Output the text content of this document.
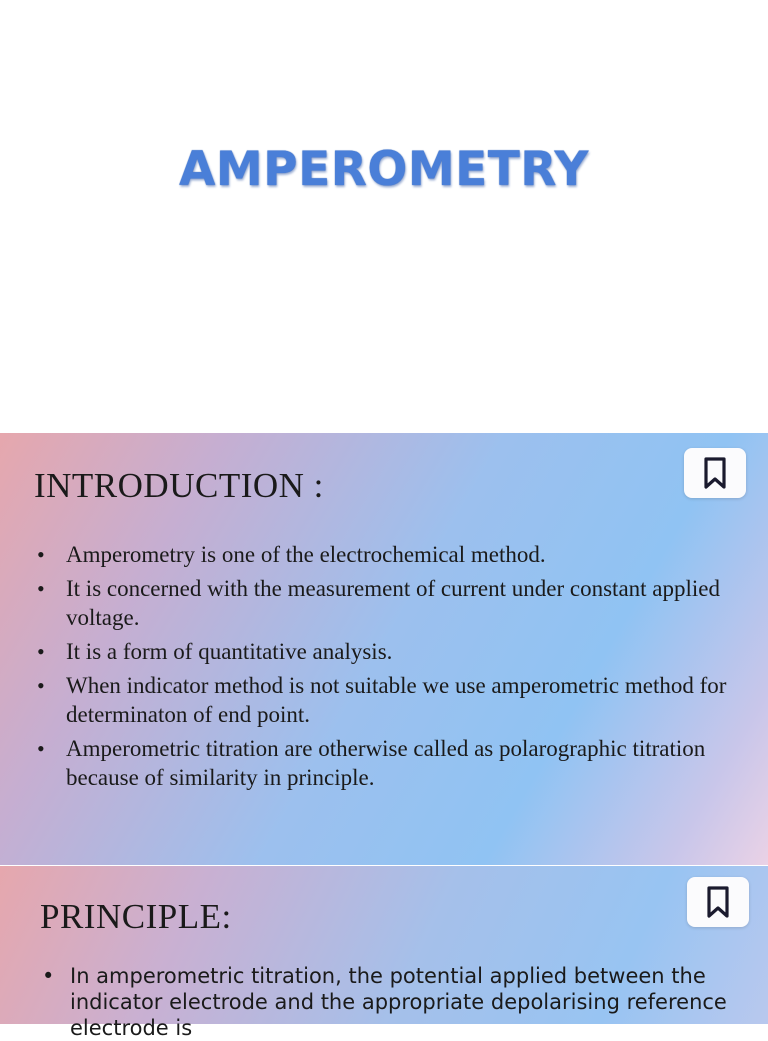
AMPEROMETRY
INTRODUCTION :
• Amperometry is one of the electrochemical method.
• It is concerned with the measurement of current under constant applied voltage.
• It is a form of quantitative analysis.
• When indicator method is not suitable we use amperometric method for determinaton of end point.
• Amperometric titration are otherwise called as polarographic titration because of similarity in principle.
PRINCIPLE:
• In amperometric titration, the potential applied between the indicator electrode and the appropriate depolarising reference electrode is
